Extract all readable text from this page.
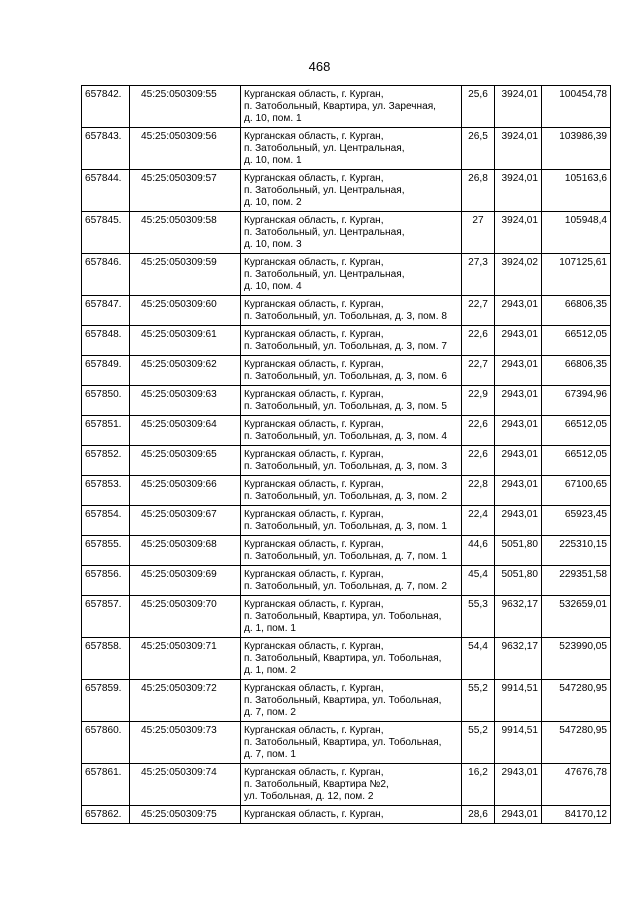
468
657842.	45:25:050309:55	Курганская область, г. Курган,
п. Затобольный, Квартира, ул. Заречная,
д. 10, пом. 1	25,6	3924,01	100454,78
657843.	45:25:050309:56	Курганская область, г. Курган,
п. Затобольный, ул. Центральная,
д. 10, пом. 1	26,5	3924,01	103986,39
657844.	45:25:050309:57	Курганская область, г. Курган,
п. Затобольный, ул. Центральная,
д. 10, пом. 2	26,8	3924,01	105163,6
657845.	45:25:050309:58	Курганская область, г. Курган,
п. Затобольный, ул. Центральная,
д. 10, пом. 3	27	3924,01	105948,4
657846.	45:25:050309:59	Курганская область, г. Курган,
п. Затобольный, ул. Центральная,
д. 10, пом. 4	27,3	3924,02	107125,61
657847.	45:25:050309:60	Курганская область, г. Курган,
п. Затобольный, ул. Тобольная, д. 3, пом. 8	22,7	2943,01	66806,35
657848.	45:25:050309:61	Курганская область, г. Курган,
п. Затобольный, ул. Тобольная, д. 3, пом. 7	22,6	2943,01	66512,05
657849.	45:25:050309:62	Курганская область, г. Курган,
п. Затобольный, ул. Тобольная, д. 3, пом. 6	22,7	2943,01	66806,35
657850.	45:25:050309:63	Курганская область, г. Курган,
п. Затобольный, ул. Тобольная, д. 3, пом. 5	22,9	2943,01	67394,96
657851.	45:25:050309:64	Курганская область, г. Курган,
п. Затобольный, ул. Тобольная, д. 3, пом. 4	22,6	2943,01	66512,05
657852.	45:25:050309:65	Курганская область, г. Курган,
п. Затобольный, ул. Тобольная, д. 3, пом. 3	22,6	2943,01	66512,05
657853.	45:25:050309:66	Курганская область, г. Курган,
п. Затобольный, ул. Тобольная, д. 3, пом. 2	22,8	2943,01	67100,65
657854.	45:25:050309:67	Курганская область, г. Курган,
п. Затобольный, ул. Тобольная, д. 3, пом. 1	22,4	2943,01	65923,45
657855.	45:25:050309:68	Курганская область, г. Курган,
п. Затобольный, ул. Тобольная, д. 7, пом. 1	44,6	5051,80	225310,15
657856.	45:25:050309:69	Курганская область, г. Курган,
п. Затобольный, ул. Тобольная, д. 7, пом. 2	45,4	5051,80	229351,58
657857.	45:25:050309:70	Курганская область, г. Курган,
п. Затобольный, Квартира, ул. Тобольная,
д. 1, пом. 1	55,3	9632,17	532659,01
657858.	45:25:050309:71	Курганская область, г. Курган,
п. Затобольный, Квартира, ул. Тобольная,
д. 1, пом. 2	54,4	9632,17	523990,05
657859.	45:25:050309:72	Курганская область, г. Курган,
п. Затобольный, Квартира, ул. Тобольная,
д. 7, пом. 2	55,2	9914,51	547280,95
657860.	45:25:050309:73	Курганская область, г. Курган,
п. Затобольный, Квартира, ул. Тобольная,
д. 7, пом. 1	55,2	9914,51	547280,95
657861.	45:25:050309:74	Курганская область, г. Курган,
п. Затобольный, Квартира №2,
ул. Тобольная, д. 12, пом. 2	16,2	2943,01	47676,78
657862.	45:25:050309:75	Курганская область, г. Курган,	28,6	2943,01	84170,12
